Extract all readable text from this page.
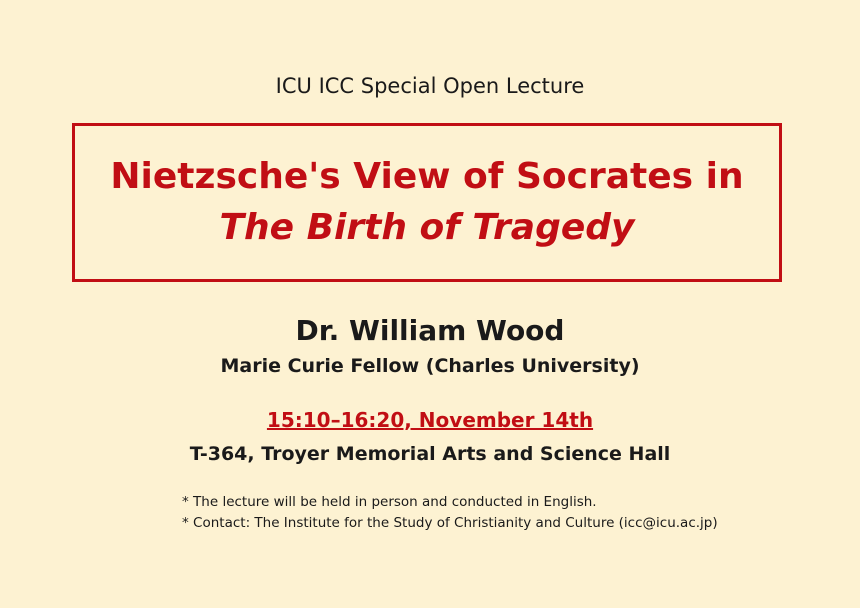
ICU ICC Special Open Lecture
Nietzsche's View of Socrates in
The Birth of Tragedy
Dr. William Wood
Marie Curie Fellow (Charles University)
15:10–16:20, November 14th
T-364, Troyer Memorial Arts and Science Hall
* The lecture will be held in person and conducted in English.
* Contact: The Institute for the Study of Christianity and Culture (icc@icu.ac.jp)
